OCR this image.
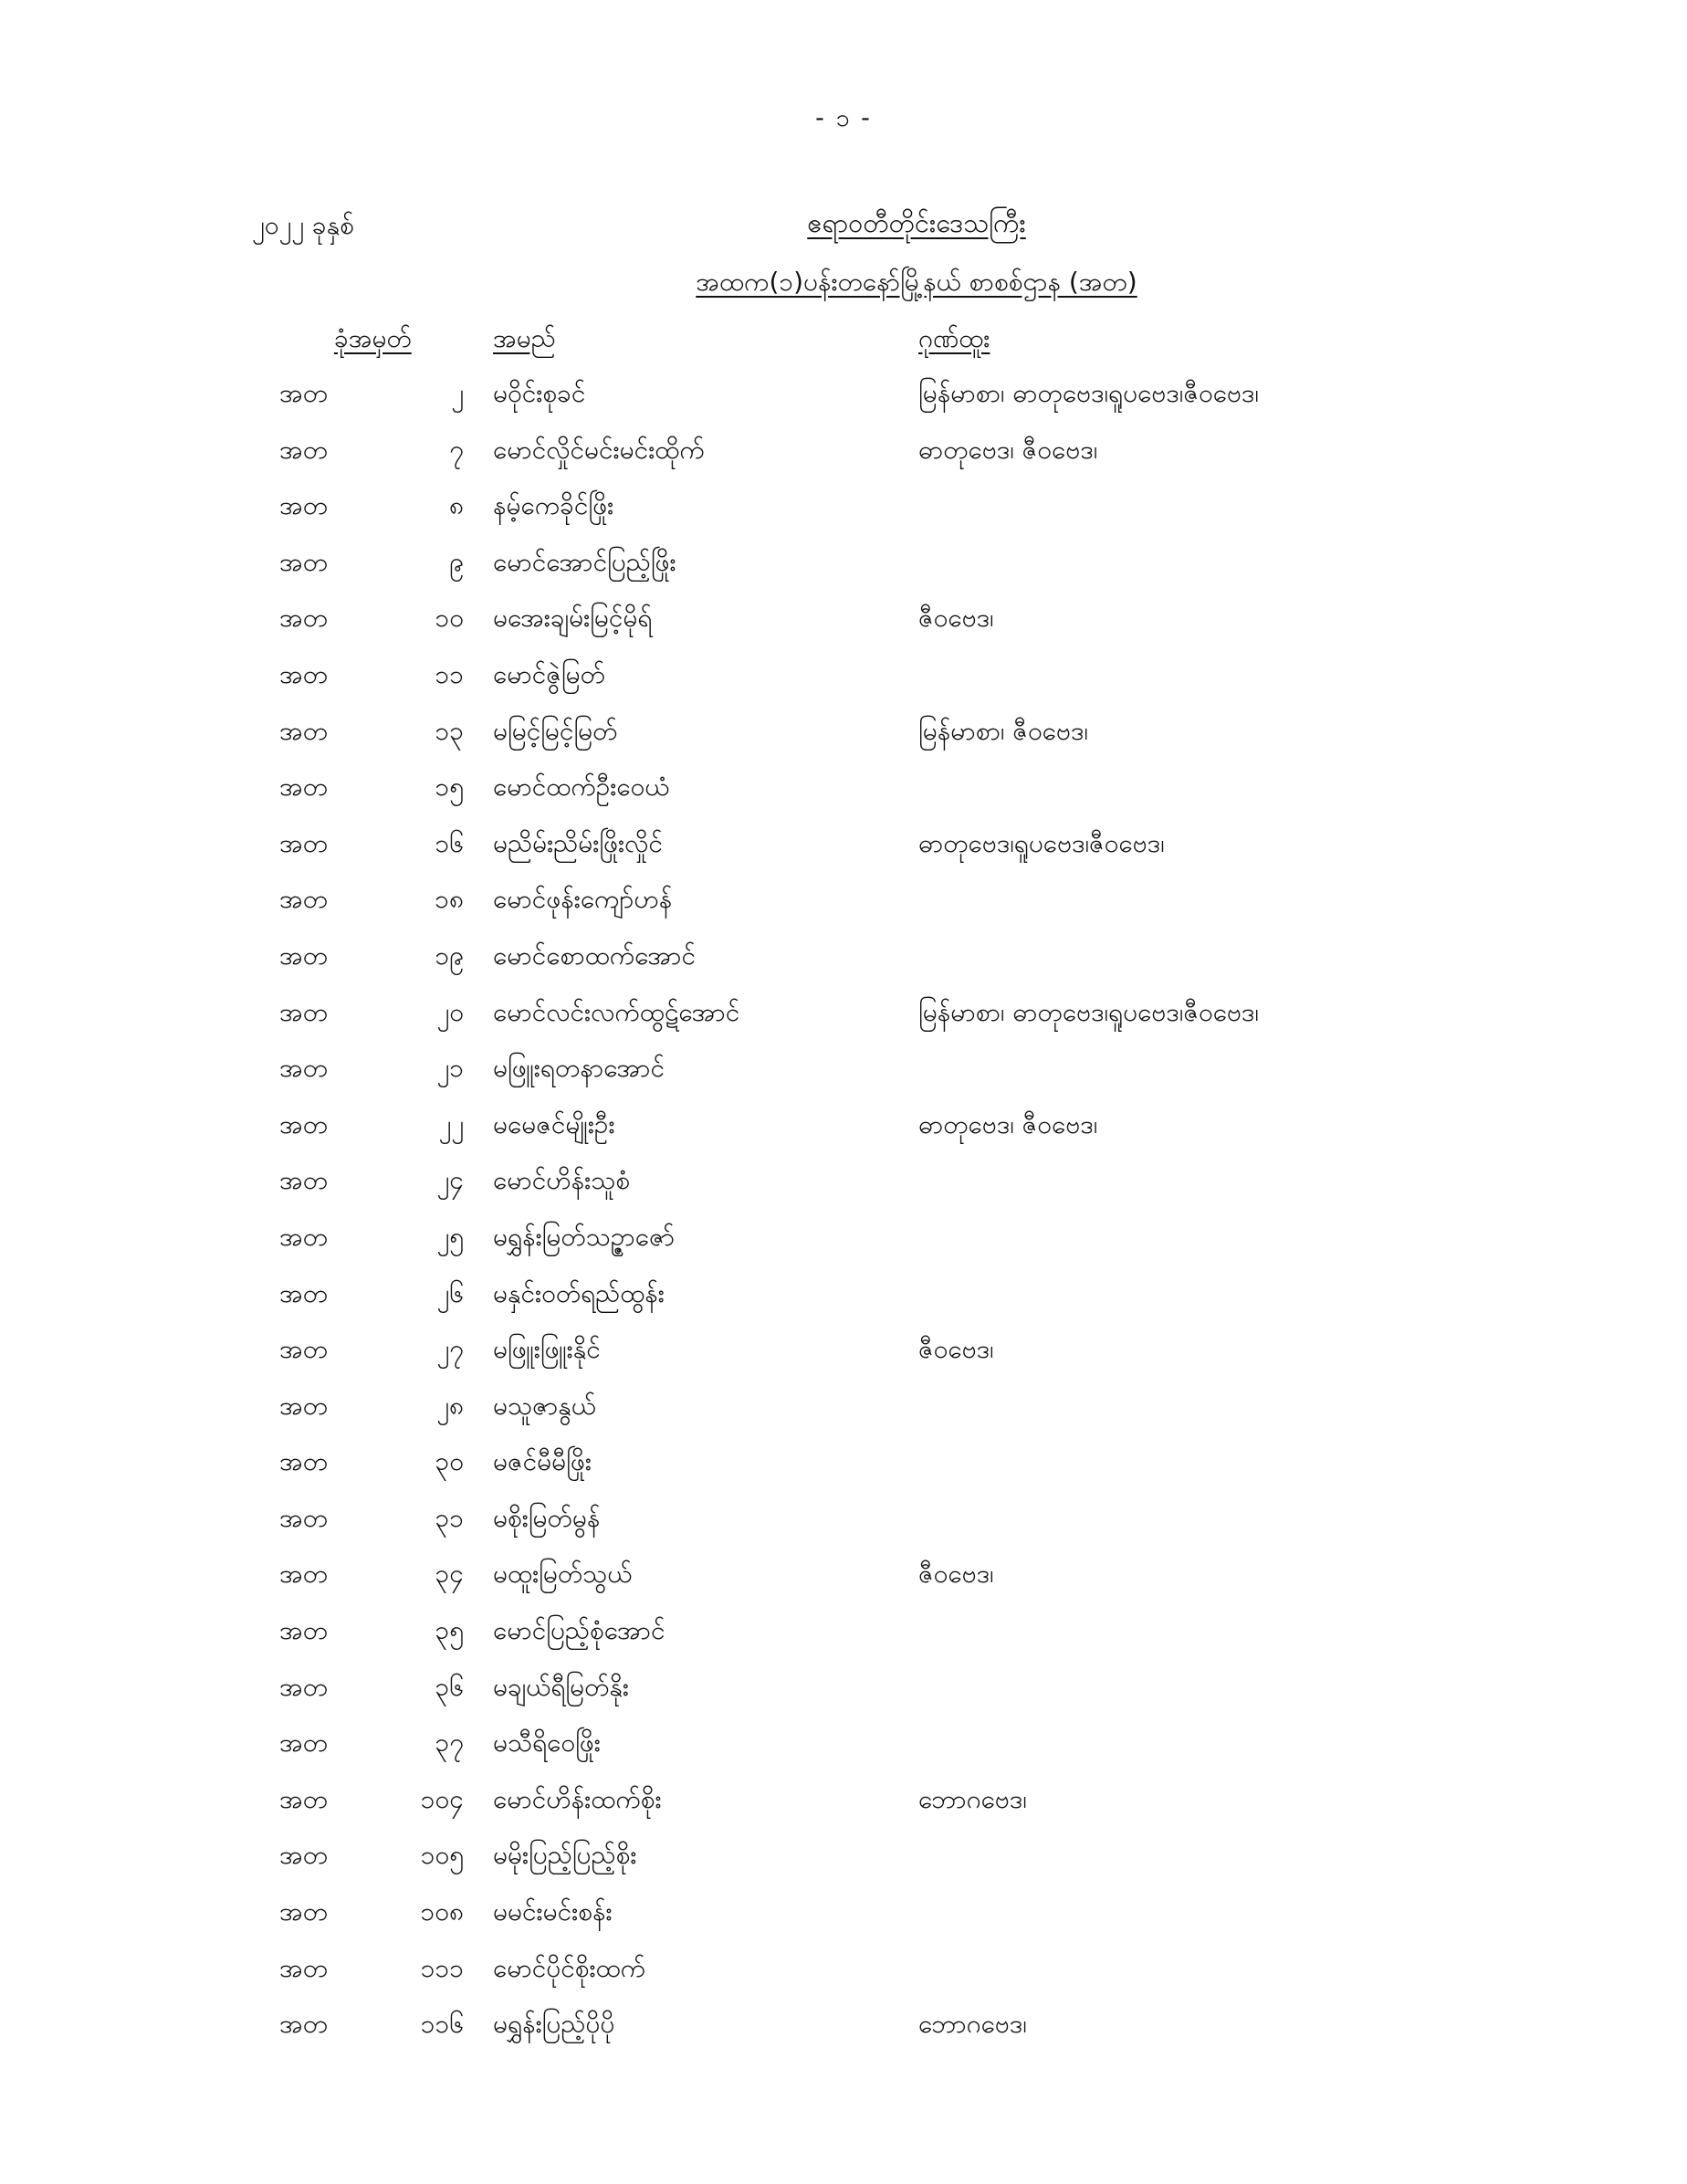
- ၁ -
၂၀၂၂ ခုနှစ်	ဧရာဝတီတိုင်းဒေသကြီး
အထက(၁)ပန်းတနော်မြို့နယ် စာစစ်ဌာန (အတ)
ခုံအမှတ်	အမည်	ဂုဏ်ထူး
အတ	၂ မဝိုင်းစုခင်	မြန်မာစာ၊ ဓာတုဗေဒ၊ရူပဗေဒ၊ဇီဝဗေဒ၊
အတ	၇ မောင်လှိုင်မင်းမင်းထိုက်	ဓာတုဗေဒ၊ ဇီဝဗေဒ၊
အတ	၈ နမ့်ကေခိုင်ဖြိုး
အတ	၉ မောင်အောင်ပြည့်ဖြိုး
အတ	၁၀ မအေးချမ်းမြင့်မိုရ်	ဇီဝဗေဒ၊
အတ	၁၁ မောင်ဇွဲမြတ်
အတ	၁၃ မမြင့်မြင့်မြတ်	မြန်မာစာ၊ ဇီဝဗေဒ၊
အတ	၁၅ မောင်ထက်ဦးဝေယံ
အတ	၁၆ မညိမ်းညိမ်းဖြိုးလှိုင်	ဓာတုဗေဒ၊ရူပဗေဒ၊ဇီဝဗေဒ၊
အတ	၁၈ မောင်ဖုန်းကျော်ဟန်
အတ	၁၉ မောင်စောထက်အောင်
အတ	၂၀ မောင်လင်းလက်ထွဋ်အောင်	မြန်မာစာ၊ ဓာတုဗေဒ၊ရူပဗေဒ၊ဇီဝဗေဒ၊
အတ	၂၁ မဖြူးရတနာအောင်
အတ	၂၂ မမေဇင်မျိုးဦး	ဓာတုဗေဒ၊ ဇီဝဗေဒ၊
အတ	၂၄ မောင်ဟိန်းသူစံ
အတ	၂၅ မရွှန်းမြတ်သဉ္ဇာဇော်
အတ	၂၆ မနှင်းဝတ်ရည်ထွန်း
အတ	၂၇ မဖြူးဖြူးနိုင်	ဇီဝဗေဒ၊
အတ	၂၈ မသူဇာနွယ်
အတ	၃၀ မဇင်မီမီဖြိုး
အတ	၃၁ မစိုးမြတ်မွန်
အတ	၃၄ မထူးမြတ်သွယ်	ဇီဝဗေဒ၊
အတ	၃၅ မောင်ပြည့်စုံအောင်
အတ	၃၆ မချယ်ရီမြတ်နိုး
အတ	၃၇ မသီရိဝေဖြိုး
အတ	၁၀၄ မောင်ဟိန်းထက်စိုး	ဘောဂဗေဒ၊
အတ	၁၀၅ မမိုးပြည့်ပြည့်စိုး
အတ	၁၀၈ မမင်းမင်းစန်း
အတ	၁၁၁ မောင်ပိုင်စိုးထက်
အတ	၁၁၆ မရွှန်းပြည့်ပိုပို	ဘောဂဗေဒ၊
